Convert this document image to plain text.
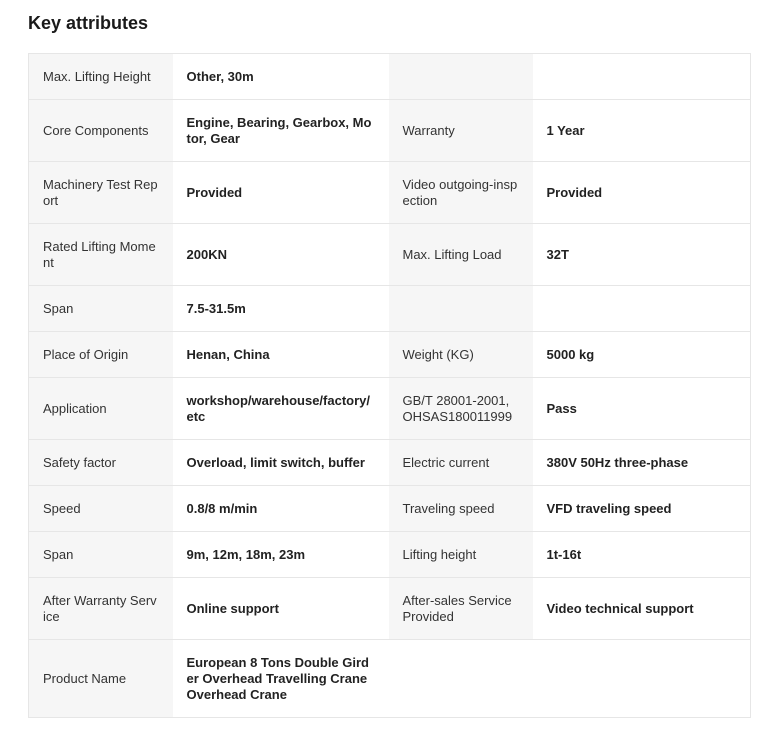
Key attributes
Max. Lifting Height	Other, 30m		
Core Components	Engine, Bearing, Gearbox, Motor, Gear	Warranty	1 Year
Machinery Test Report	Provided	Video outgoing-inspection	Provided
Rated Lifting Moment	200KN	Max. Lifting Load	32T
Span	7.5-31.5m		
Place of Origin	Henan, China	Weight (KG)	5000 kg
Application	workshop/warehouse/factory/etc	GB/T 28001-2001, OHSAS180011999	Pass
Safety factor	Overload, limit switch, buffer	Electric current	380V 50Hz three-phase
Speed	0.8/8 m/min	Traveling speed	VFD traveling speed
Span	9m, 12m, 18m, 23m	Lifting height	1t-16t
After Warranty Service	Online support	After-sales Service Provided	Video technical support
Product Name	European 8 Tons Double Girder Overhead Travelling Crane Overhead Crane		
